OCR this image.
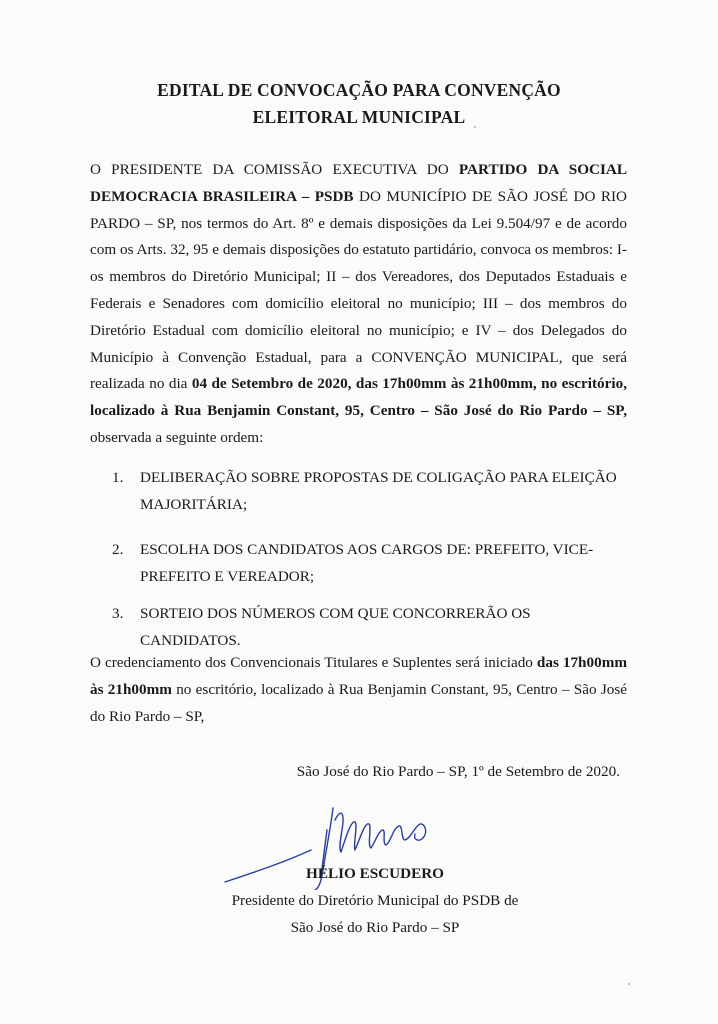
EDITAL DE CONVOCAÇÃO PARA CONVENÇÃO
ELEITORAL MUNICIPAL
O PRESIDENTE DA COMISSÃO EXECUTIVA DO PARTIDO DA SOCIAL DEMOCRACIA BRASILEIRA – PSDB DO MUNICÍPIO DE SÃO JOSÉ DO RIO PARDO – SP, nos termos do Art. 8º e demais disposições da Lei 9.504/97 e de acordo com os Arts. 32, 95 e demais disposições do estatuto partidário, convoca os membros: I-os membros do Diretório Municipal; II – dos Vereadores, dos Deputados Estaduais e Federais e Senadores com domicílio eleitoral no município; III – dos membros do Diretório Estadual com domicílio eleitoral no município; e IV – dos Delegados do Município à Convenção Estadual, para a CONVENÇÃO MUNICIPAL, que será realizada no dia 04 de Setembro de 2020, das 17h00mm às 21h00mm, no escritório, localizado à Rua Benjamin Constant, 95, Centro – São José do Rio Pardo – SP, observada a seguinte ordem:
1. DELIBERAÇÃO SOBRE PROPOSTAS DE COLIGAÇÃO PARA ELEIÇÃO MAJORITÁRIA;
2. ESCOLHA DOS CANDIDATOS AOS CARGOS DE: PREFEITO, VICE-PREFEITO E VEREADOR;
3. SORTEIO DOS NÚMEROS COM QUE CONCORRERÃO OS CANDIDATOS.
O credenciamento dos Convencionais Titulares e Suplentes será iniciado das 17h00mm às 21h00mm no escritório, localizado à Rua Benjamin Constant, 95, Centro – São José do Rio Pardo – SP,
São José do Rio Pardo – SP, 1º de Setembro de 2020.
HÉLIO ESCUDERO
Presidente do Diretório Municipal do PSDB de
São José do Rio Pardo – SP
